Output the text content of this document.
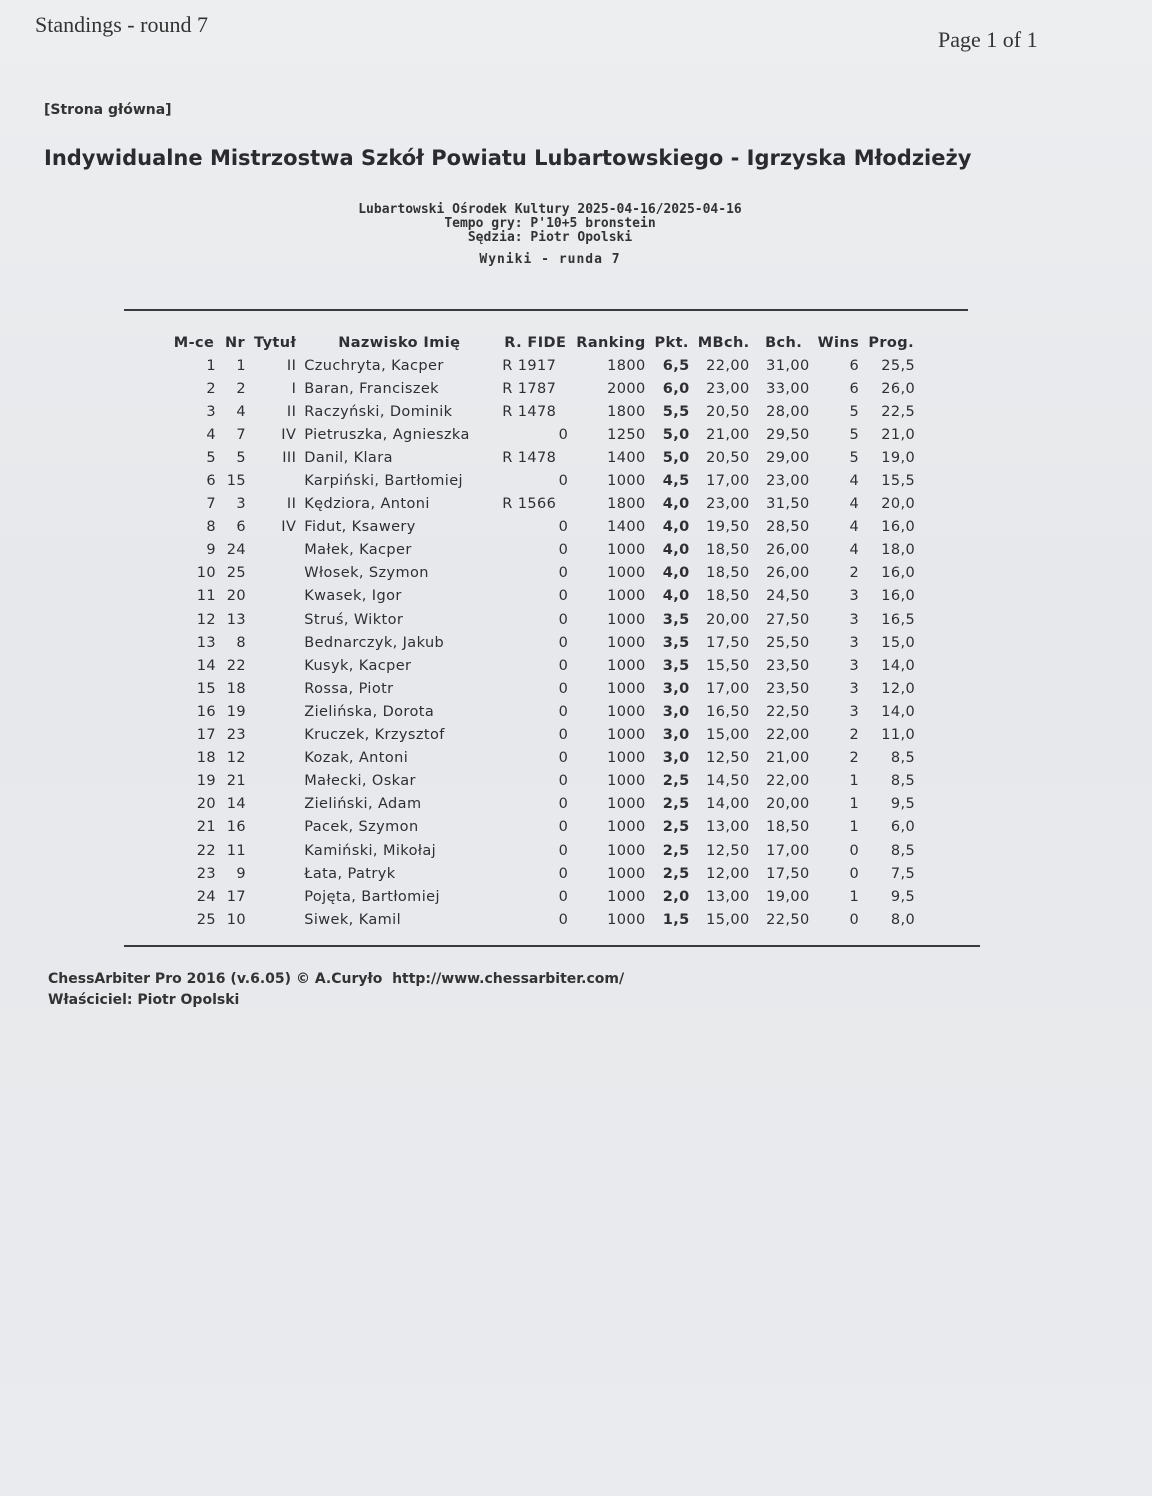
Standings - round 7
Page 1 of 1
[Strona główna]
Indywidualne Mistrzostwa Szkół Powiatu Lubartowskiego - Igrzyska Młodzieży
Lubartowski Ośrodek Kultury 2025-04-16/2025-04-16
Tempo gry: P'10+5 bronstein
Sędzia: Piotr Opolski
Wyniki - runda 7
M-ce	Nr	Tytuł	Nazwisko Imię	R. FIDE	Ranking	Pkt.	MBch.	Bch.	Wins	Prog.
1	1	II	Czuchryta, Kacper	R 1917	1800	6,5	22,00	31,00	6	25,5
2	2	I	Baran, Franciszek	R 1787	2000	6,0	23,00	33,00	6	26,0
3	4	II	Raczyński, Dominik	R 1478	1800	5,5	20,50	28,00	5	22,5
4	7	IV	Pietruszka, Agnieszka	0	1250	5,0	21,00	29,50	5	21,0
5	5	III	Danil, Klara	R 1478	1400	5,0	20,50	29,00	5	19,0
6	15		Karpiński, Bartłomiej	0	1000	4,5	17,00	23,00	4	15,5
7	3	II	Kędziora, Antoni	R 1566	1800	4,0	23,00	31,50	4	20,0
8	6	IV	Fidut, Ksawery	0	1400	4,0	19,50	28,50	4	16,0
9	24		Małek, Kacper	0	1000	4,0	18,50	26,00	4	18,0
10	25		Włosek, Szymon	0	1000	4,0	18,50	26,00	2	16,0
11	20		Kwasek, Igor	0	1000	4,0	18,50	24,50	3	16,0
12	13		Struś, Wiktor	0	1000	3,5	20,00	27,50	3	16,5
13	8		Bednarczyk, Jakub	0	1000	3,5	17,50	25,50	3	15,0
14	22		Kusyk, Kacper	0	1000	3,5	15,50	23,50	3	14,0
15	18		Rossa, Piotr	0	1000	3,0	17,00	23,50	3	12,0
16	19		Zielińska, Dorota	0	1000	3,0	16,50	22,50	3	14,0
17	23		Kruczek, Krzysztof	0	1000	3,0	15,00	22,00	2	11,0
18	12		Kozak, Antoni	0	1000	3,0	12,50	21,00	2	8,5
19	21		Małecki, Oskar	0	1000	2,5	14,50	22,00	1	8,5
20	14		Zieliński, Adam	0	1000	2,5	14,00	20,00	1	9,5
21	16		Pacek, Szymon	0	1000	2,5	13,00	18,50	1	6,0
22	11		Kamiński, Mikołaj	0	1000	2,5	12,50	17,00	0	8,5
23	9		Łata, Patryk	0	1000	2,5	12,00	17,50	0	7,5
24	17		Pojęta, Bartłomiej	0	1000	2,0	13,00	19,00	1	9,5
25	10		Siwek, Kamil	0	1000	1,5	15,00	22,50	0	8,0
ChessArbiter Pro 2016 (v.6.05) © A.Curyło http://www.chessarbiter.com/
Właściciel: Piotr Opolski
